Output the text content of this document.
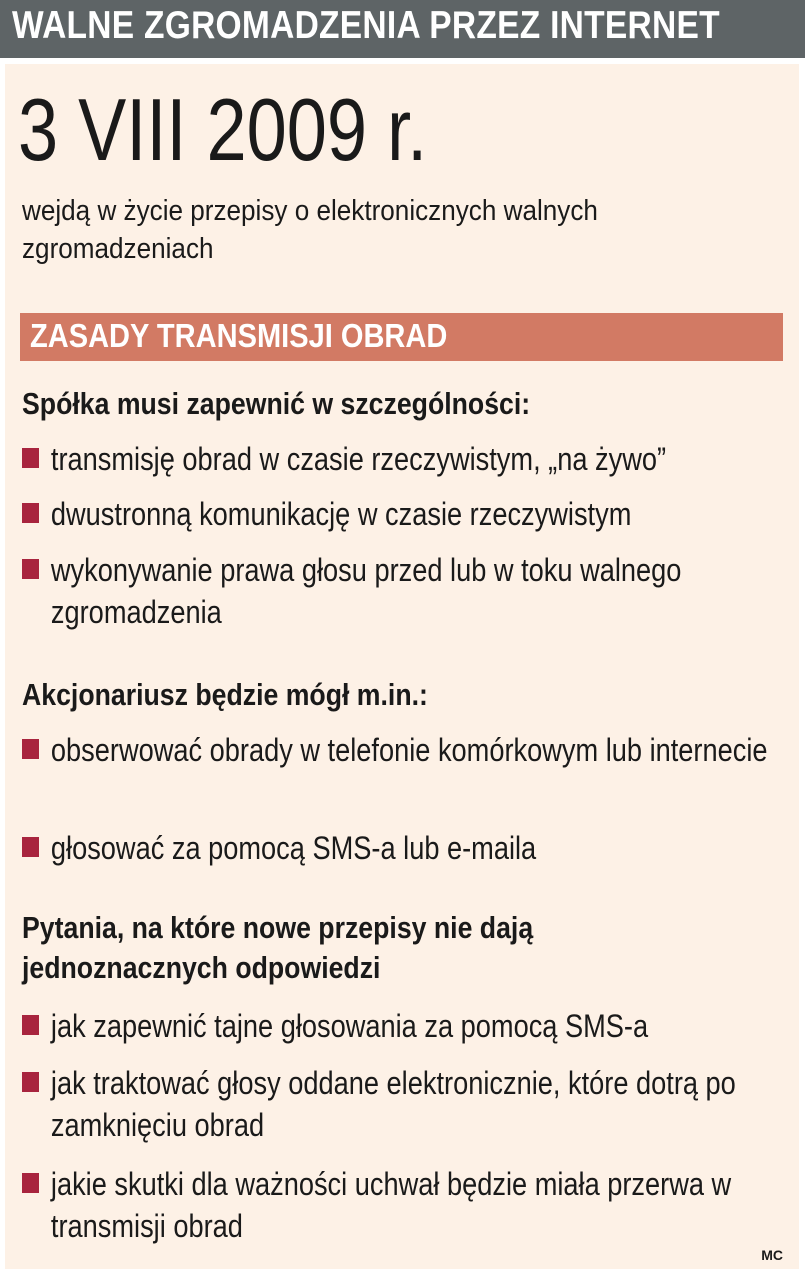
WALNE ZGROMADZENIA PRZEZ INTERNET
3 VIII 2009 r.
wejdą w życie przepisy o elektronicznych walnych zgromadzeniach
ZASADY TRANSMISJI OBRAD
Spółka musi zapewnić w szczególności:
transmisję obrad w czasie rzeczywistym, „na żywo”
dwustronną komunikację w czasie rzeczywistym
wykonywanie prawa głosu przed lub w toku walnego zgromadzenia
Akcjonariusz będzie mógł m.in.:
obserwować obrady w telefonie komórkowym lub internecie
głosować za pomocą SMS-a lub e-maila
Pytania, na które nowe przepisy nie dają jednoznacznych odpowiedzi
jak zapewnić tajne głosowania za pomocą SMS-a
jak traktować głosy oddane elektronicznie, które dotrą po zamknięciu obrad
jakie skutki dla ważności uchwał będzie miała przerwa w transmisji obrad
MC
